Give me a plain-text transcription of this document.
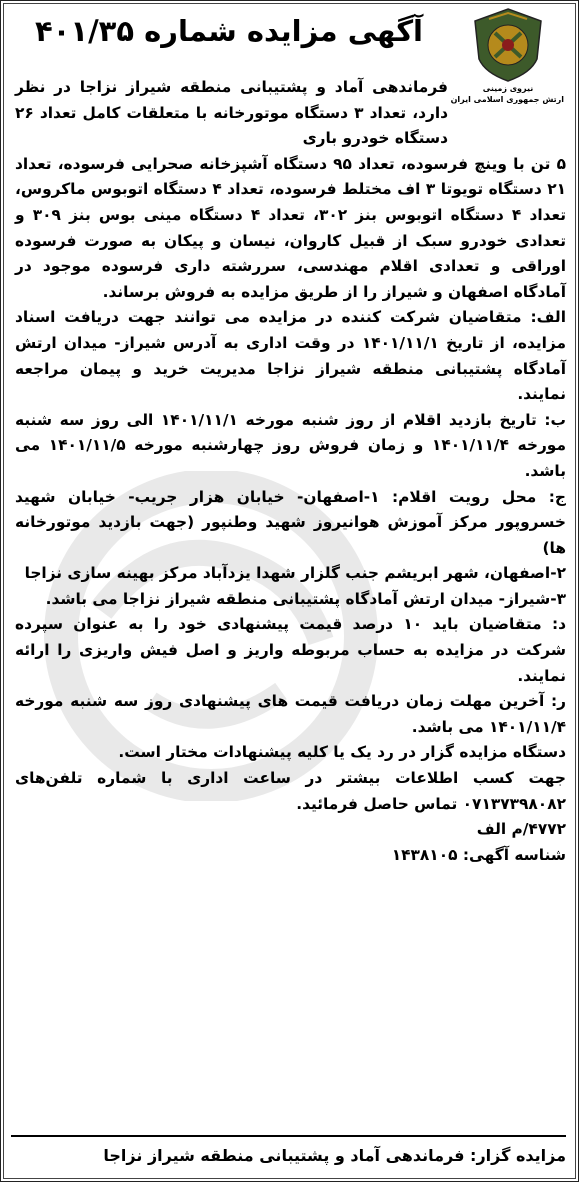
آگهی مزایده شماره ۴۰۱/۳۵
نیروی زمینی
ارتش جمهوری اسلامی ایران

فرماندهی آماد و پشتیبانی منطقه شیراز نزاجا در نظر دارد، تعداد ۳ دستگاه موتورخانه با متعلقات کامل تعداد ۲۶ دستگاه خودرو باری

۵ تن با وینچ فرسوده، تعداد ۹۵ دستگاه آشپزخانه صحرایی فرسوده، تعداد ۲۱ دستگاه تویوتا ۳ اف مختلط فرسوده، تعداد ۴ دستگاه اتوبوس ماکروس، تعداد ۴ دستگاه اتوبوس بنز ۳۰۲، تعداد ۴ دستگاه مینی بوس بنز ۳۰۹ و تعدادی خودرو سبک از قبیل کاروان، نیسان و پیکان به صورت فرسوده اوراقی و تعدادی اقلام مهندسی، سررشته داری فرسوده موجود در آمادگاه اصفهان و شیراز را از طریق مزایده به فروش برساند.

الف: متقاضیان شرکت کننده در مزایده می توانند جهت دریافت اسناد مزایده، از تاریخ ۱۴۰۱/۱۱/۱ در وقت اداری به آدرس شیراز- میدان ارتش آمادگاه پشتیبانی منطقه شیراز نزاجا مدیریت خرید و پیمان مراجعه نمایند.

ب: تاریخ بازدید اقلام از روز شنبه مورخه ۱۴۰۱/۱۱/۱ الی روز سه شنبه مورخه ۱۴۰۱/۱۱/۴ و زمان فروش روز چهارشنبه مورخه ۱۴۰۱/۱۱/۵ می باشد.

ج: محل رویت اقلام: ۱-اصفهان- خیابان هزار جریب- خیابان شهید خسروپور مرکز آموزش هوانیروز شهید وطنپور (جهت بازدید موتورخانه ها)

۲-اصفهان، شهر ابریشم جنب گلزار شهدا یزدآباد مرکز بهینه سازی نزاجا

۳-شیراز- میدان ارتش آمادگاه پشتیبانی منطقه شیراز نزاجا می باشد.

د: متقاضیان باید ۱۰ درصد قیمت پیشنهادی خود را به عنوان سپرده شرکت در مزایده به حساب مربوطه واریز و اصل فیش واریزی را ارائه نمایند.

ر: آخرین مهلت زمان دریافت قیمت های پیشنهادی روز سه شنبه مورخه ۱۴۰۱/۱۱/۴ می باشد.

دستگاه مزایده گزار در رد یک یا کلیه پیشنهادات مختار است.

جهت کسب اطلاعات بیشتر در ساعت اداری با شماره تلفن‌های ۰۷۱۳۷۳۹۸۰۸۲ تماس حاصل فرمائید.

۴۷۷۲/م الف

شناسه آگهی: ۱۴۳۸۱۰۵

مزایده گزار: فرماندهی آماد و پشتیبانی منطقه شیراز نزاجا
